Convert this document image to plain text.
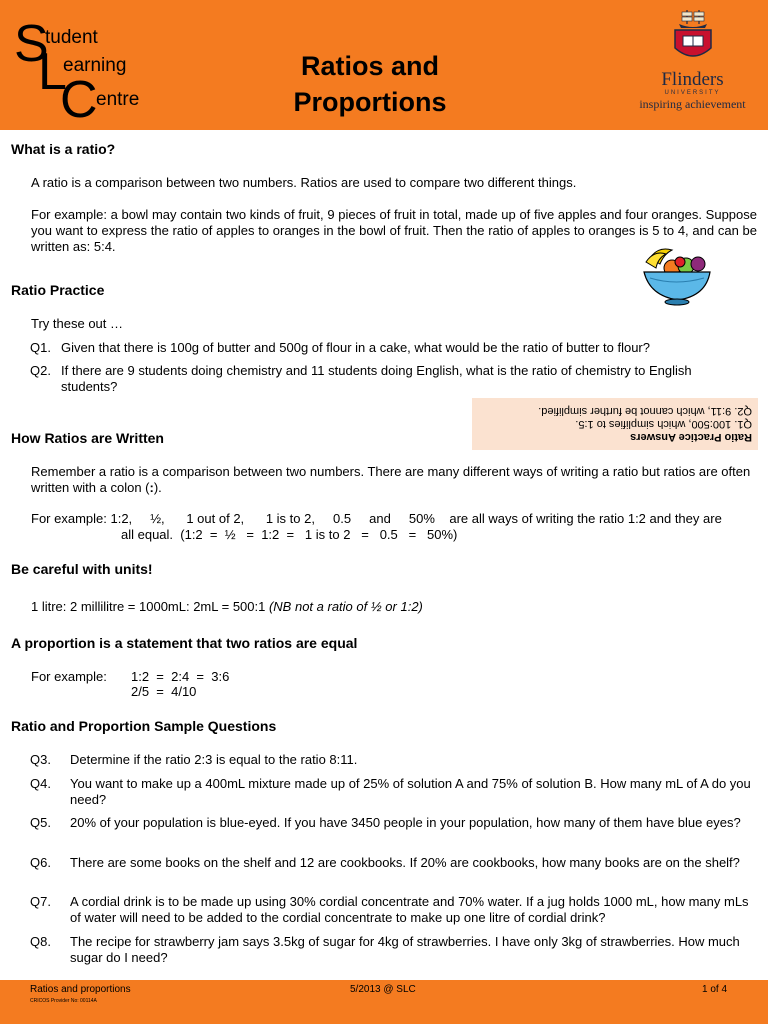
S
tudent
L
earning
C
entre
Ratios and
Proportions
Flinders
UNIVERSITY
inspiring achievement
What is a ratio?

A ratio is a comparison between two numbers. Ratios are used to compare two different things.

For example: a bowl may contain two kinds of fruit, 9 pieces of fruit in total, made up of five apples and four oranges. Suppose you want to express the ratio of apples to oranges in the bowl of fruit. Then the ratio of apples to oranges is 5 to 4, and can be written as: 5:4.

Ratio Practice

Try these out …

Q1. Given that there is 100g of butter and 500g of flour in a cake, what would be the ratio of butter to flour?
Q2. If there are 9 students doing chemistry and 11 students doing English, what is the ratio of chemistry to English students?
Ratio Practice Answers
Q1. 100:500, which simplifies to 1:5.
Q2. 9:11, which cannot be further simplified.
How Ratios are Written

Remember a ratio is a comparison between two numbers. There are many different ways of writing a ratio but ratios are often written with a colon (:).

For example: 1:2,     ½,      1 out of 2,      1 is to 2,     0.5     and     50%    are all ways of writing the ratio 1:2 and they are

all equal.  (1:2  =  ½   =  1:2  =   1 is to 2   =   0.5   =   50%)

Be careful with units!

1 litre: 2 millilitre = 1000mL: 2mL = 500:1 (NB not a ratio of ½ or 1:2)

A proportion is a statement that two ratios are equal

For example: 1:2  =  2:4  =  3:6

2/5  =  4/10

Ratio and Proportion Sample Questions
Q3. Determine if the ratio 2:3 is equal to the ratio 8:11.
Q4. You want to make up a 400mL mixture made up of 25% of solution A and 75% of solution B. How many mL of A do you need?
Q5. 20% of your population is blue-eyed. If you have 3450 people in your population, how many of them have blue eyes?
Q6. There are some books on the shelf and 12 are cookbooks. If 20% are cookbooks, how many books are on the shelf?
Q7. A cordial drink is to be made up using 30% cordial concentrate and 70% water. If a jug holds 1000 mL, how many mLs of water will need to be added to the cordial concentrate to make up one litre of cordial drink?
Q8. The recipe for strawberry jam says 3.5kg of sugar for 4kg of strawberries. I have only 3kg of strawberries. How much sugar do I need?
Ratios and proportions	5/2013 @ SLC	1 of 4
CRICOS Provider No: 00114A
